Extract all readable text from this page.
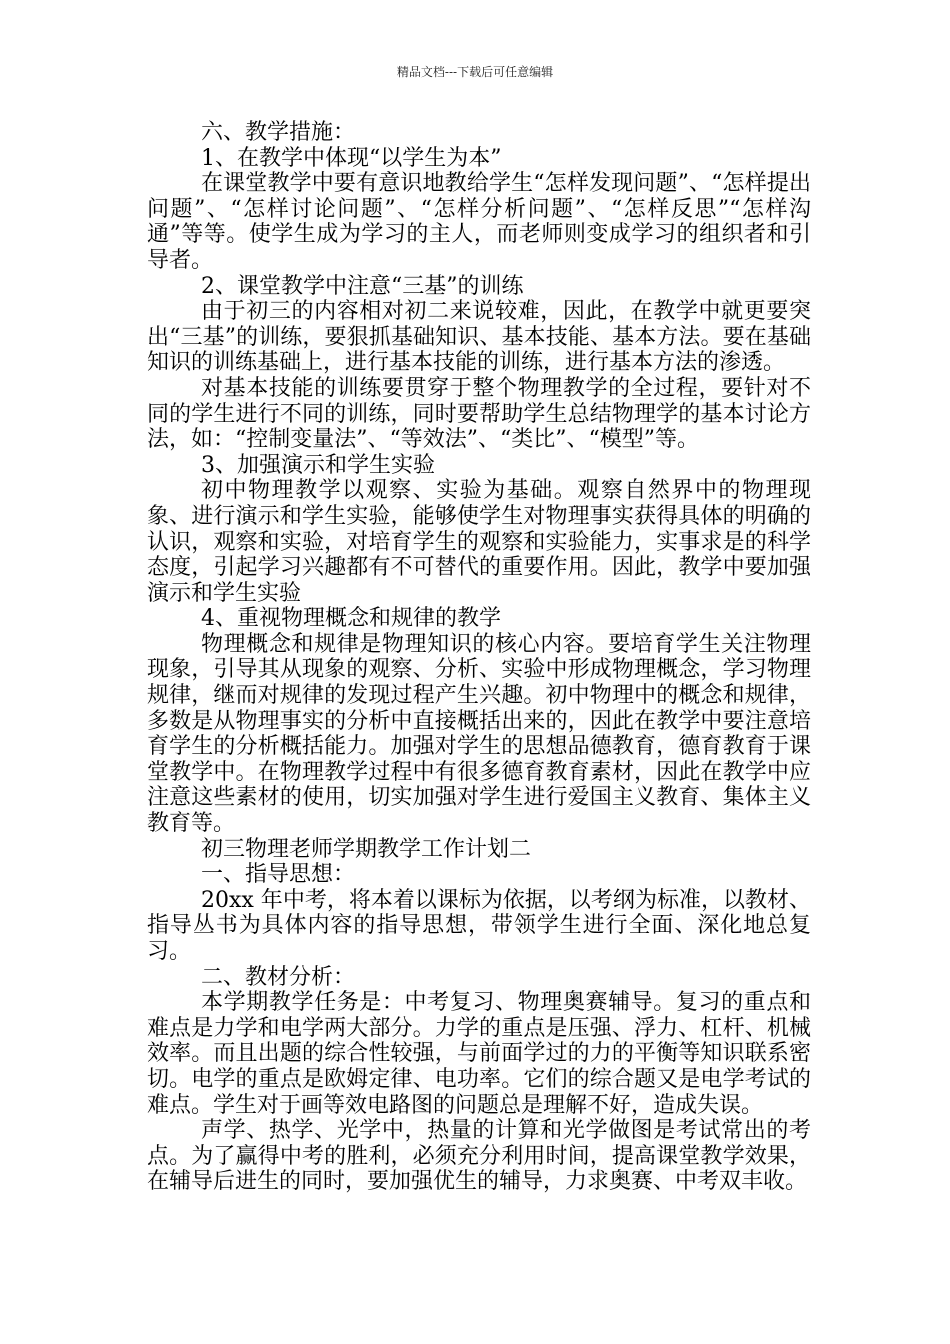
精品文档---下载后可任意编辑

六、教学措施：

1、在教学中体现“以学生为本”

在课堂教学中要有意识地教给学生“怎样发现问题”、“怎样提出问题”、“怎样讨论问题”、“怎样分析问题”、“怎样反思”“怎样沟通”等等。使学生成为学习的主人，而老师则变成学习的组织者和引导者。

2、课堂教学中注意“三基”的训练

由于初三的内容相对初二来说较难，因此，在教学中就更要突出“三基”的训练，要狠抓基础知识、基本技能、基本方法。要在基础知识的训练基础上，进行基本技能的训练，进行基本方法的渗透。

对基本技能的训练要贯穿于整个物理教学的全过程，要针对不同的学生进行不同的训练，同时要帮助学生总结物理学的基本讨论方法，如：“控制变量法”、“等效法”、“类比”、“模型”等。

3、加强演示和学生实验

初中物理教学以观察、实验为基础。观察自然界中的物理现象、进行演示和学生实验，能够使学生对物理事实获得具体的明确的认识，观察和实验，对培育学生的观察和实验能力，实事求是的科学态度，引起学习兴趣都有不可替代的重要作用。因此，教学中要加强演示和学生实验

4、重视物理概念和规律的教学

物理概念和规律是物理知识的核心内容。要培育学生关注物理现象，引导其从现象的观察、分析、实验中形成物理概念，学习物理规律，继而对规律的发现过程产生兴趣。初中物理中的概念和规律，多数是从物理事实的分析中直接概括出来的，因此在教学中要注意培育学生的分析概括能力。加强对学生的思想品德教育，德育教育于课堂教学中。在物理教学过程中有很多德育教育素材，因此在教学中应注意这些素材的使用，切实加强对学生进行爱国主义教育、集体主义教育等。

初三物理老师学期教学工作计划二

一、指导思想：

20xx 年中考，将本着以课标为依据，以考纲为标准，以教材、指导丛书为具体内容的指导思想，带领学生进行全面、深化地总复习。

二、教材分析：

本学期教学任务是：中考复习、物理奥赛辅导。复习的重点和难点是力学和电学两大部分。力学的重点是压强、浮力、杠杆、机械效率。而且出题的综合性较强，与前面学过的力的平衡等知识联系密切。电学的重点是欧姆定律、电功率。它们的综合题又是电学考试的难点。学生对于画等效电路图的问题总是理解不好，造成失误。

声学、热学、光学中，热量的计算和光学做图是考试常出的考点。为了赢得中考的胜利，必须充分利用时间，提高课堂教学效果，在辅导后进生的同时，要加强优生的辅导，力求奥赛、中考双丰收。
